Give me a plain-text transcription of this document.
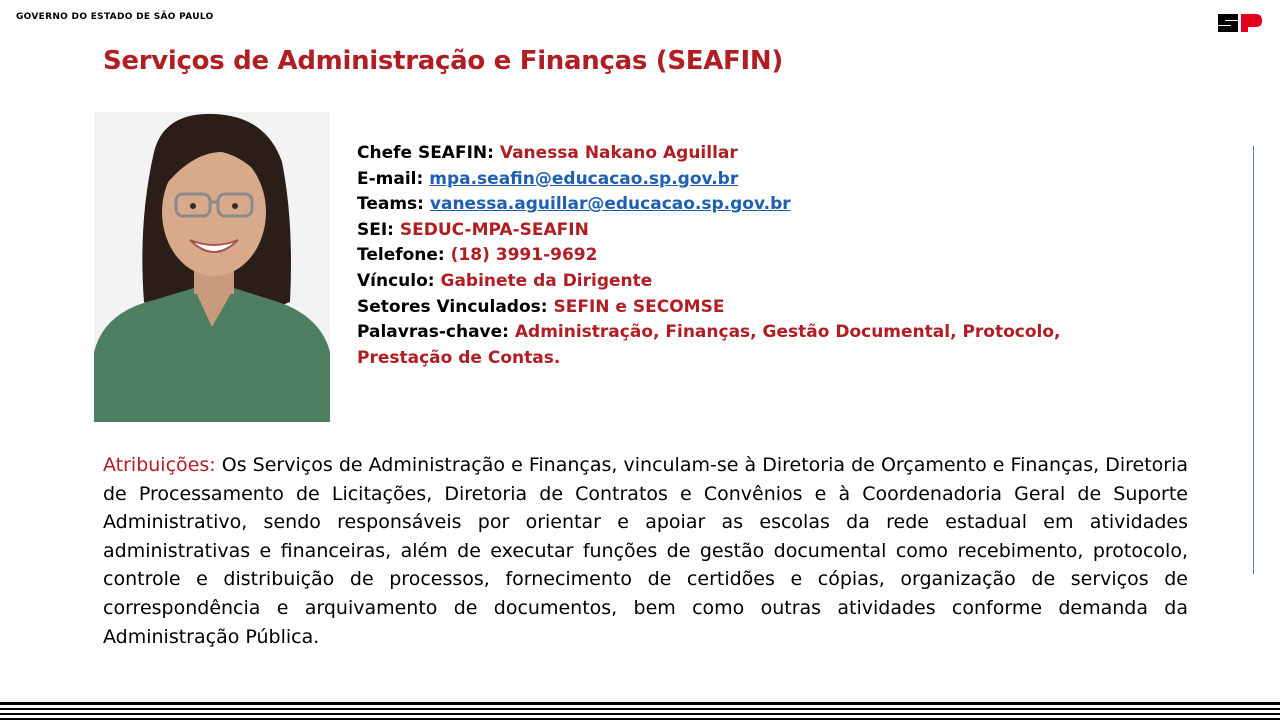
GOVERNO DO ESTADO DE SÃO PAULO
Serviços de Administração e Finanças (SEAFIN)

Chefe SEAFIN: Vanessa Nakano Aguillar

E-mail: mpa.seafin@educacao.sp.gov.br

Teams: vanessa.aguillar@educacao.sp.gov.br

SEI: SEDUC-MPA-SEAFIN

Telefone: (18) 3991-9692

Vínculo: Gabinete da Dirigente

Setores Vinculados: SEFIN e SECOMSE

Palavras-chave: Administração, Finanças, Gestão Documental, Protocolo, Prestação de Contas.

Atribuições: Os Serviços de Administração e Finanças, vinculam-se à Diretoria de Orçamento e Finanças, Diretoria de Processamento de Licitações, Diretoria de Contratos e Convênios e à Coordenadoria Geral de Suporte Administrativo, sendo responsáveis por orientar e apoiar as escolas da rede estadual em atividades administrativas e financeiras, além de executar funções de gestão documental como recebimento, protocolo, controle e distribuição de processos, fornecimento de certidões e cópias, organização de serviços de correspondência e arquivamento de documentos, bem como outras atividades conforme demanda da Administração Pública.
